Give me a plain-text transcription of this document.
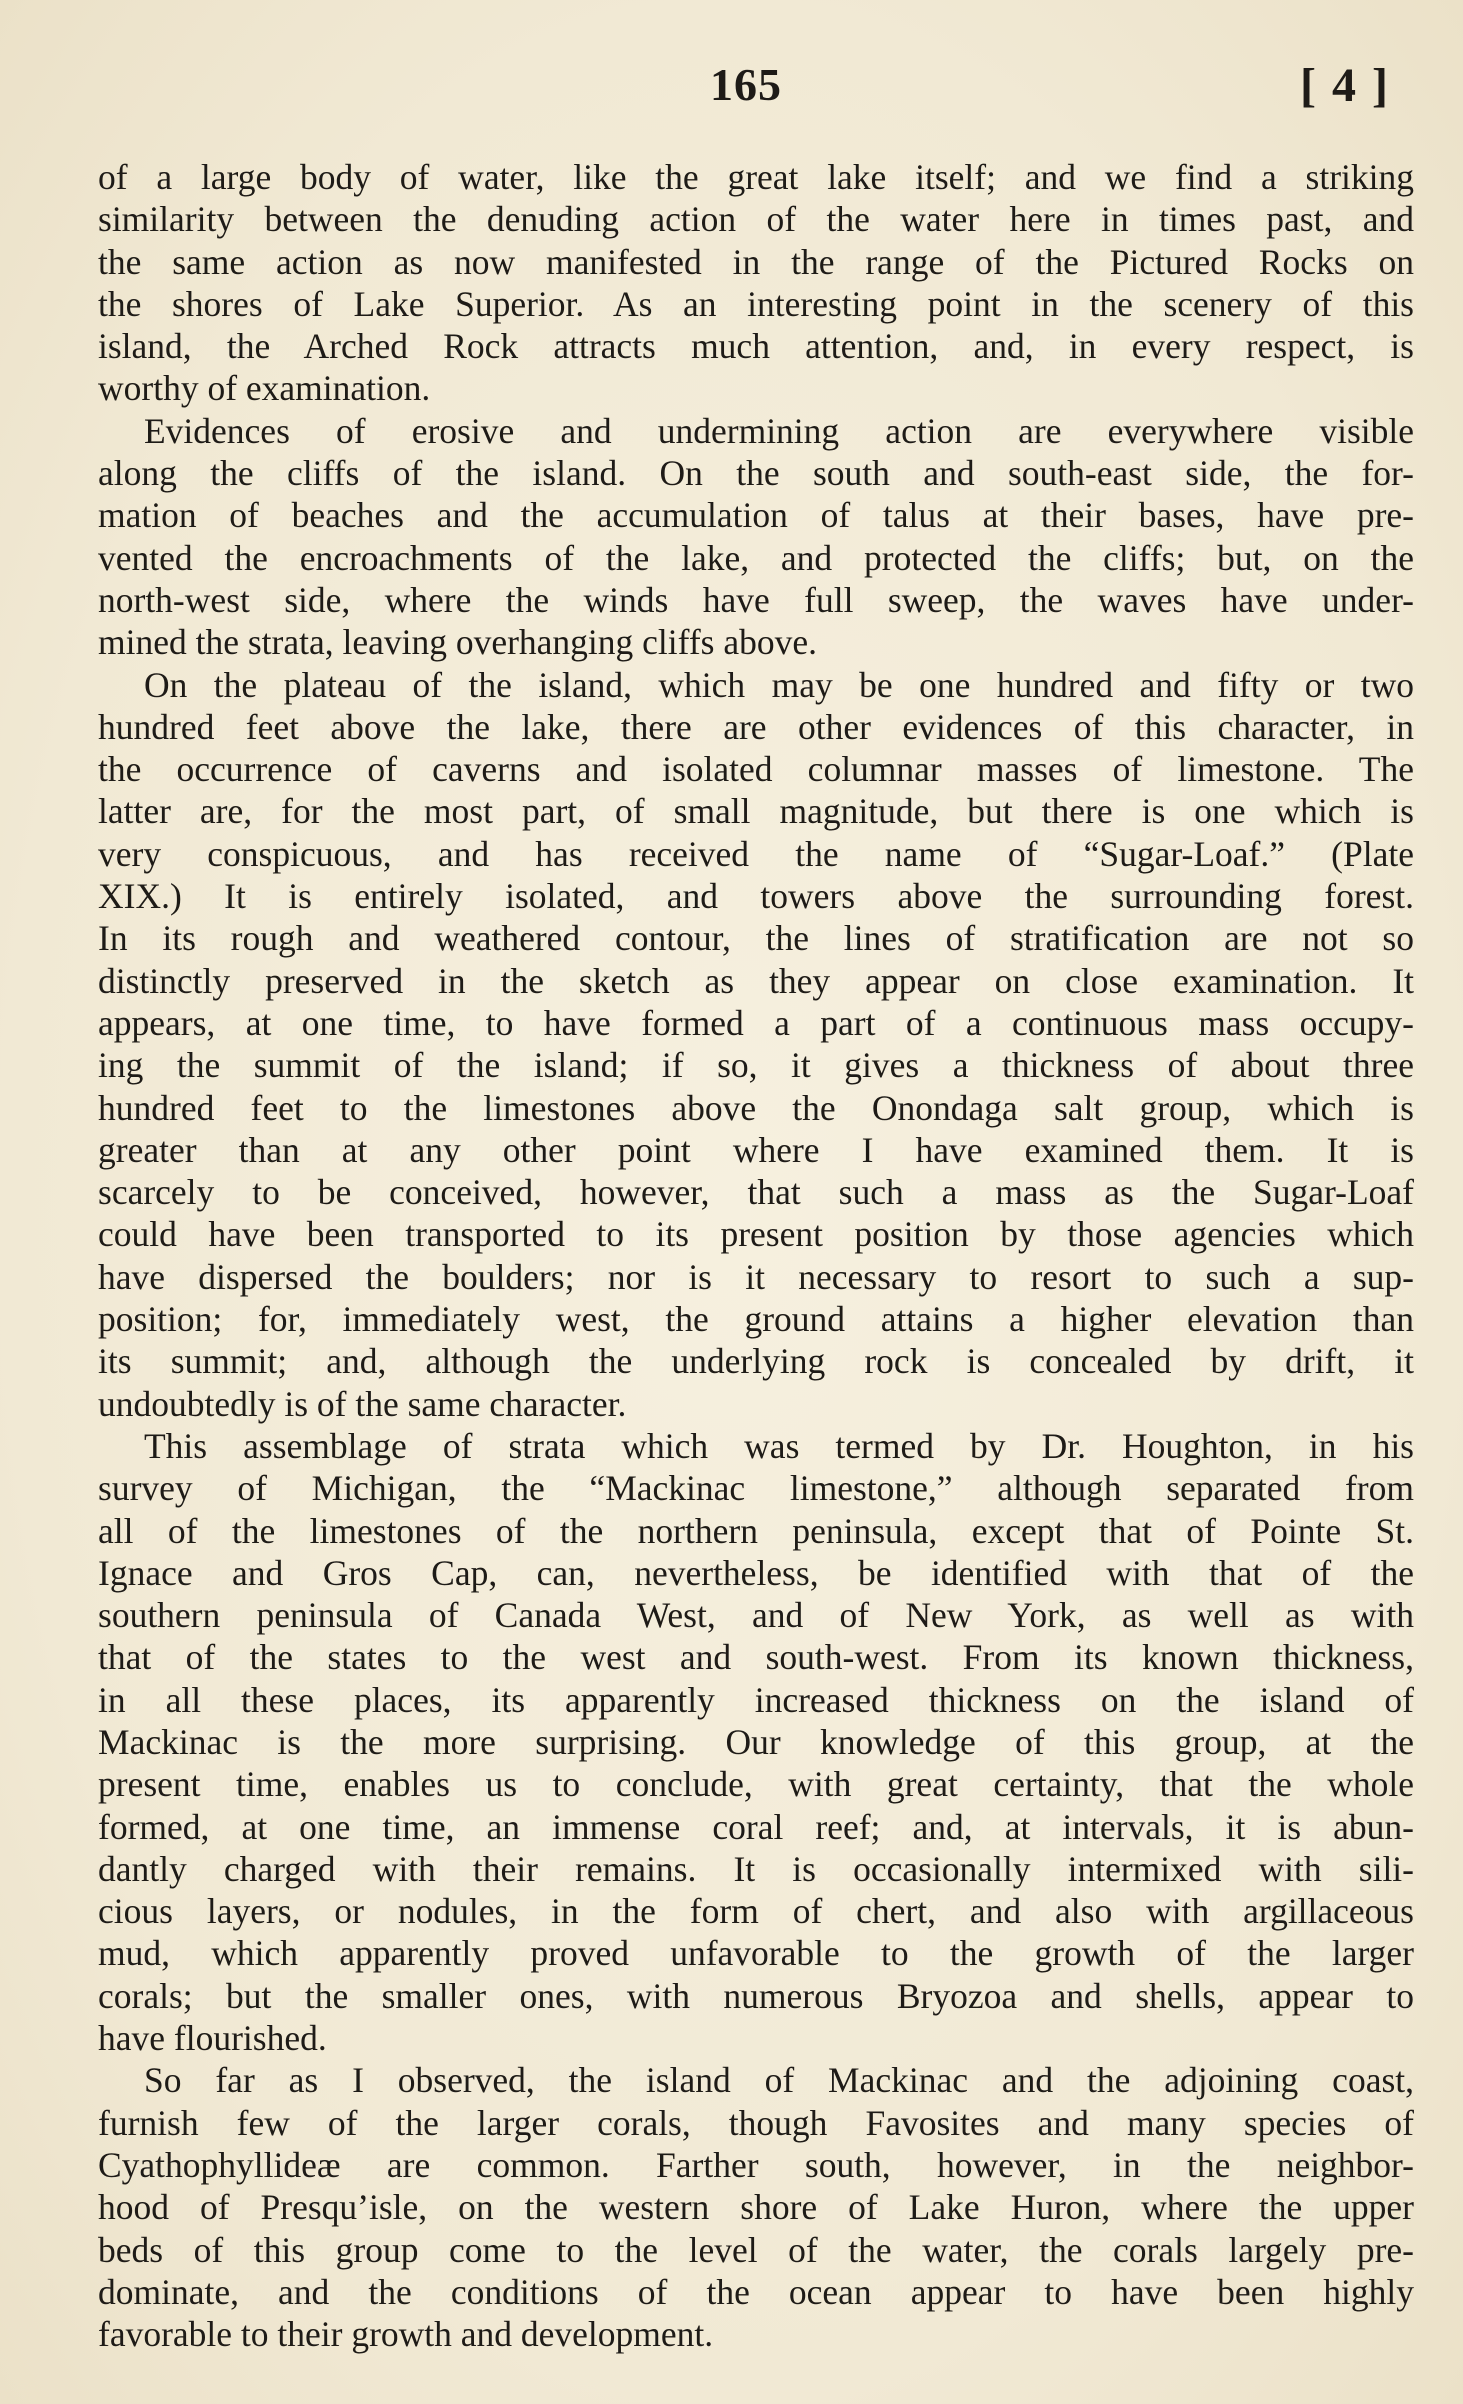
165	[ 4 ]
of a large body of water, like the great lake itself; and we find a striking
similarity between the denuding action of the water here in times past, and
the same action as now manifested in the range of the Pictured Rocks on
the shores of Lake Superior. As an interesting point in the scenery of this
island, the Arched Rock attracts much attention, and, in every respect, is
worthy of examination.
Evidences of erosive and undermining action are everywhere visible
along the cliffs of the island. On the south and south-east side, the for-
mation of beaches and the accumulation of talus at their bases, have pre-
vented the encroachments of the lake, and protected the cliffs; but, on the
north-west side, where the winds have full sweep, the waves have under-
mined the strata, leaving overhanging cliffs above.
On the plateau of the island, which may be one hundred and fifty or two
hundred feet above the lake, there are other evidences of this character, in
the occurrence of caverns and isolated columnar masses of limestone. The
latter are, for the most part, of small magnitude, but there is one which is
very conspicuous, and has received the name of “Sugar-Loaf.” (Plate
XIX.) It is entirely isolated, and towers above the surrounding forest.
In its rough and weathered contour, the lines of stratification are not so
distinctly preserved in the sketch as they appear on close examination. It
appears, at one time, to have formed a part of a continuous mass occupy-
ing the summit of the island; if so, it gives a thickness of about three
hundred feet to the limestones above the Onondaga salt group, which is
greater than at any other point where I have examined them. It is
scarcely to be conceived, however, that such a mass as the Sugar-Loaf
could have been transported to its present position by those agencies which
have dispersed the boulders; nor is it necessary to resort to such a sup-
position; for, immediately west, the ground attains a higher elevation than
its summit; and, although the underlying rock is concealed by drift, it
undoubtedly is of the same character.
This assemblage of strata which was termed by Dr. Houghton, in his
survey of Michigan, the “Mackinac limestone,” although separated from
all of the limestones of the northern peninsula, except that of Pointe St.
Ignace and Gros Cap, can, nevertheless, be identified with that of the
southern peninsula of Canada West, and of New York, as well as with
that of the states to the west and south-west. From its known thickness,
in all these places, its apparently increased thickness on the island of
Mackinac is the more surprising. Our knowledge of this group, at the
present time, enables us to conclude, with great certainty, that the whole
formed, at one time, an immense coral reef; and, at intervals, it is abun-
dantly charged with their remains. It is occasionally intermixed with sili-
cious layers, or nodules, in the form of chert, and also with argillaceous
mud, which apparently proved unfavorable to the growth of the larger
corals; but the smaller ones, with numerous Bryozoa and shells, appear to
have flourished.
So far as I observed, the island of Mackinac and the adjoining coast,
furnish few of the larger corals, though Favosites and many species of
Cyathophyllideæ are common. Farther south, however, in the neighbor-
hood of Presqu’isle, on the western shore of Lake Huron, where the upper
beds of this group come to the level of the water, the corals largely pre-
dominate, and the conditions of the ocean appear to have been highly
favorable to their growth and development.
